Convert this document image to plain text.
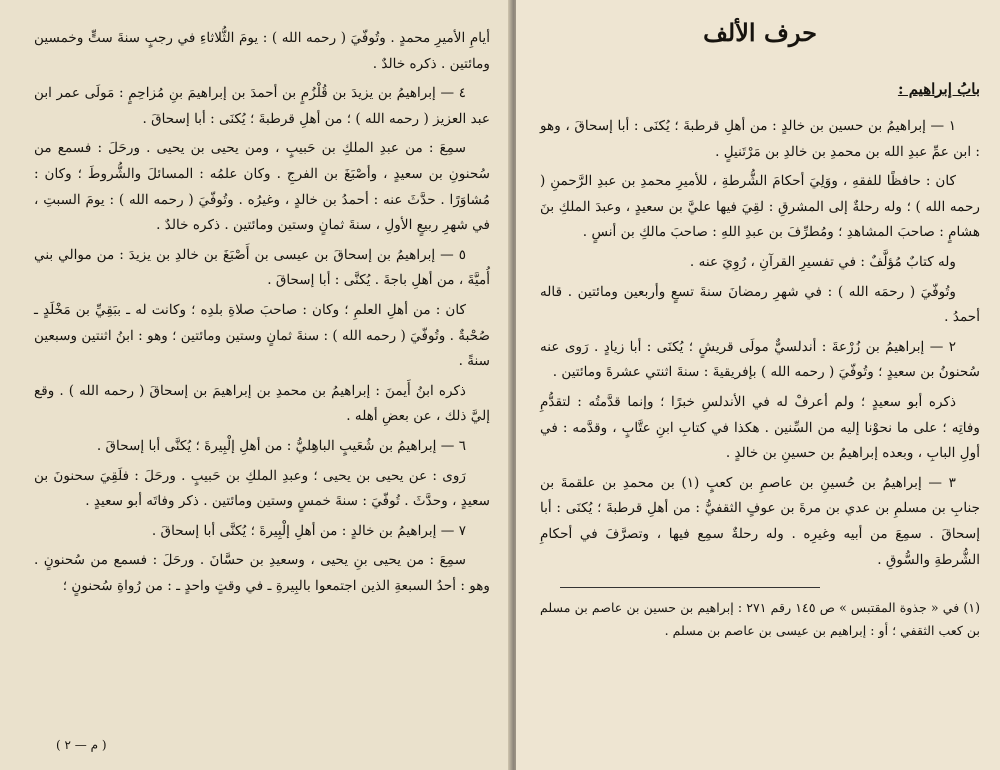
أيامِ الأميرِ محمدٍ . وتُوفّيَ ( رحمه الله ) : يومَ الثُّلاثاءِ في رجبٍ سنةَ ستٍّ وخمسين ومائتين . ذكره خالدٌ .

٤ — إبراهيمُ بن يزيدَ بن قُلْزُمٍ بن أحمدَ بن إبراهيمَ بنِ مُزاحِمٍ : مَولَى عمر ابن عبد العزيز ( رحمه الله ) ؛ من أهلِ قرطبةَ ؛ يُكنَى : أبا إسحاقَ .

سمِعَ : من عبدِ الملكِ بن حَبيبٍ ، ومن يحيى بن يحيى . ورحَلَ : فسمع من سُحنونِ بن سعيدٍ ، وأصْبَغَ بن الفرجِ . وكان علمُه : المسائلَ والشُّروطَ ؛ وكان : مُشاوَرًا . حدَّثَ عنه : أحمدُ بن خالدٍ ، وغيرُه . وتُوفّيَ ( رحمه الله ) : يومَ السبتِ ، في شهرِ ربيعٍ الأولِ ، سنةَ ثمانٍ وستين ومائتين . ذكره خالدٌ .

٥ — إبراهيمُ بن إسحاقَ بن عيسى بن أَصْبَغَ بن خالدِ بن يزيدَ : من موالي بني أُميَّةَ ، من أهلِ باجةَ . يُكنَّى : أبا إسحاقَ .

كان : من أهلِ العلمِ ؛ وكان : صاحبَ صلاةِ بلدِه ؛ وكانت له ـ ببَقِيِّ بن مَخْلَدٍ ـ صُحْبةٌ . وتُوفّيَ ( رحمه الله ) : سنةَ ثمانٍ وستين ومائتين ؛ وهو : ابنُ اثنتين وسبعين سنةً .

ذكره ابنُ أَيمنَ : إبراهيمُ بن محمدِ بن إبراهيمَ بن إسحاقَ ( رحمه الله ) . وقع إليَّ ذلك ، عن بعضِ أهله .

٦ — إبراهيمُ بن شُعَيبٍ الباهِليُّ : من أهلِ إلْبِيرةَ ؛ يُكنَّى أبا إسحاقَ .

رَوى : عن يحيى بن يحيى ؛ وعبدِ الملكِ بن حَبيبٍ . ورحَلَ : فلَقِيَ سحنونَ بن سعيدٍ ، وحدَّثَ . تُوفّيَ : سنةَ خمسٍ وستين ومائتين . ذكر وفاتَه أبو سعيدٍ .

٧ — إبراهيمُ بن خالدٍ : من أهلِ إلْبِيرةَ ؛ يُكنَّى أبا إسحاقَ .

سمِعَ : من يحيى بنِ يحيى ، وسعيدِ بن حسَّانَ . ورحَلَ : فسمع من سُحنونٍ . وهو : أحدُ السبعةِ الذين اجتمعوا بالبِيرةِ ـ في وقتٍ واحدٍ ـ : من رُواةِ سُحنونٍ ؛

( م — ٢ )
حرف الألف
بابُ إبراهيم :

١ — إبراهيمُ بن حسين بن خالدٍ : من أهلِ قرطبةَ ؛ يُكنَى : أبا إسحاقَ ، وهو : ابن عمِّ عبدِ الله بن محمدِ بن خالدِ بن مَرْتَنيلٍ .

كان : حافظًا للفقهِ ، ووَلِيَ أحكامَ الشُّرطةِ ، للأميرِ محمدِ بن عبدِ الرَّحمنِ ( رحمه الله ) ؛ وله رحلةٌ إلى المشرقِ : لقِيَ فيها عليَّ بن سعيدٍ ، وعبدَ الملكِ بنَ هشامٍ : صاحبَ المشاهدِ ؛ ومُطرِّفَ بن عبدِ اللهِ : صاحبَ مالكِ بن أنسٍ .

وله كتابٌ مُؤلَّفٌ : في تفسيرِ القرآنِ ، رُوِيَ عنه .

وتُوفّيَ ( رحمَه الله ) : في شهرِ رمضانَ سنةَ تسعٍ وأربعين ومائتين . قاله أحمدُ .

٢ — إبراهيمُ بن زُرْعةَ : أندلسيٌّ مولَى قريشٍ ؛ يُكنَى : أبا زيادٍ . رَوى عنه سُحنونُ بن سعيدٍ ؛ وتُوفّيَ ( رحمه الله ) بإفريقيةَ : سنةَ اثنتي عشرةَ ومائتين .

ذكره أبو سعيدٍ ؛ ولم أعرفْ له في الأندلسِ خبرًا ؛ وإنما قدَّمتُه : لتقدُّمِ وفاتِه ؛ على ما نحوْنا إليه من السِّنين . هكذا في كتابِ ابنِ عتَّابٍ ، وقدَّمه : في أولِ البابِ ، وبعده إبراهيمُ بن حسينِ بن خالدٍ .

٣ — إبراهيمُ بن حُسينِ بن عاصمِ بن كعبٍ (١) بن محمدِ بن علقمةَ بن جنابِ بن مسلمِ بن عدي بن مرةَ بن عوفٍ الثقفيُّ : من أهلِ قرطبةَ ؛ يُكنَى : أبا إسحاقَ . سمِعَ من أبيه وغيرِه . وله رحلةٌ سمِع فيها ، وتصرَّفَ في أحكامِ الشُّرطةِ والسُّوقِ .

(١) في « جذوة المقتبس » ص ١٤٥ رقم ٢٧١ : إبراهيم بن حسين بن عاصم بن مسلم بن كعب الثقفي ؛ أو : إبراهيم بن عيسى بن عاصم بن مسلم .
